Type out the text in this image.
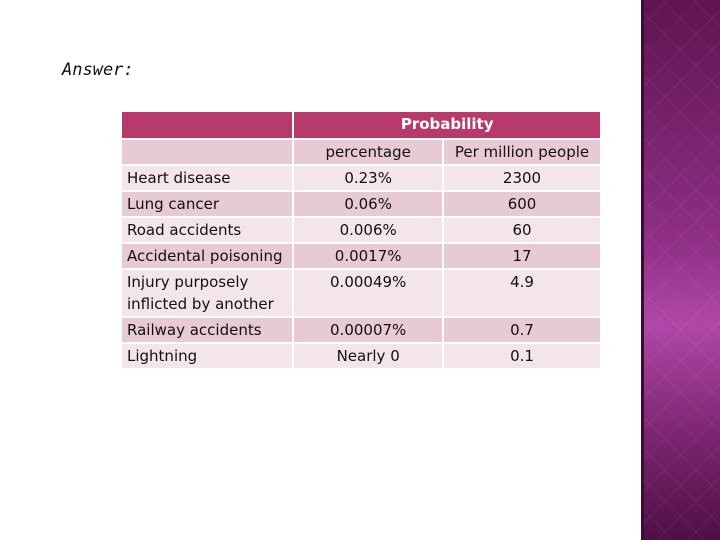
Answer:
	Probability	
	percentage	Per million people
Heart disease	0.23%	2300
Lung cancer	0.06%	600
Road accidents	0.006%	60
Accidental poisoning	0.0017%	17
Injury purposely inflicted by another	0.00049%	4.9
Railway accidents	0.00007%	0.7
Lightning	Nearly 0	0.1
